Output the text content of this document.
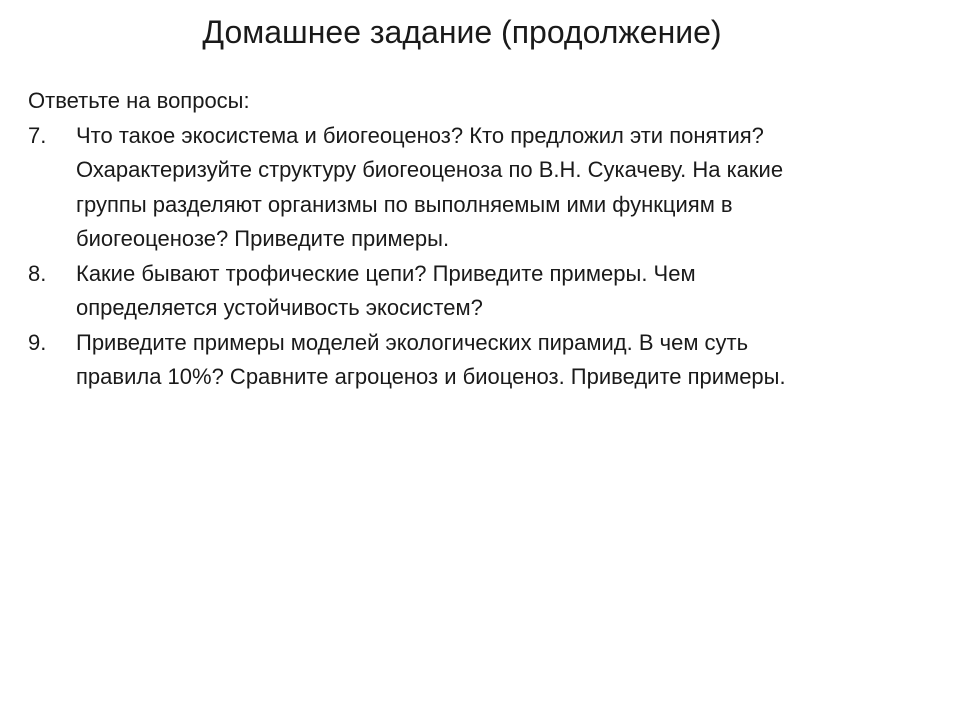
Домашнее задание (продолжение)

Ответьте на вопросы:

7. Что такое экосистема и биогеоценоз? Кто предложил эти понятия?
Охарактеризуйте структуру биогеоценоза по В.Н. Сукачеву. На какие
группы разделяют организмы по выполняемым ими функциям в
биогеоценозе? Приведите примеры.
8. Какие бывают трофические цепи? Приведите примеры. Чем
определяется устойчивость экосистем?
9. Приведите примеры моделей экологических пирамид. В чем суть
правила 10%? Сравните агроценоз и биоценоз. Приведите примеры.
